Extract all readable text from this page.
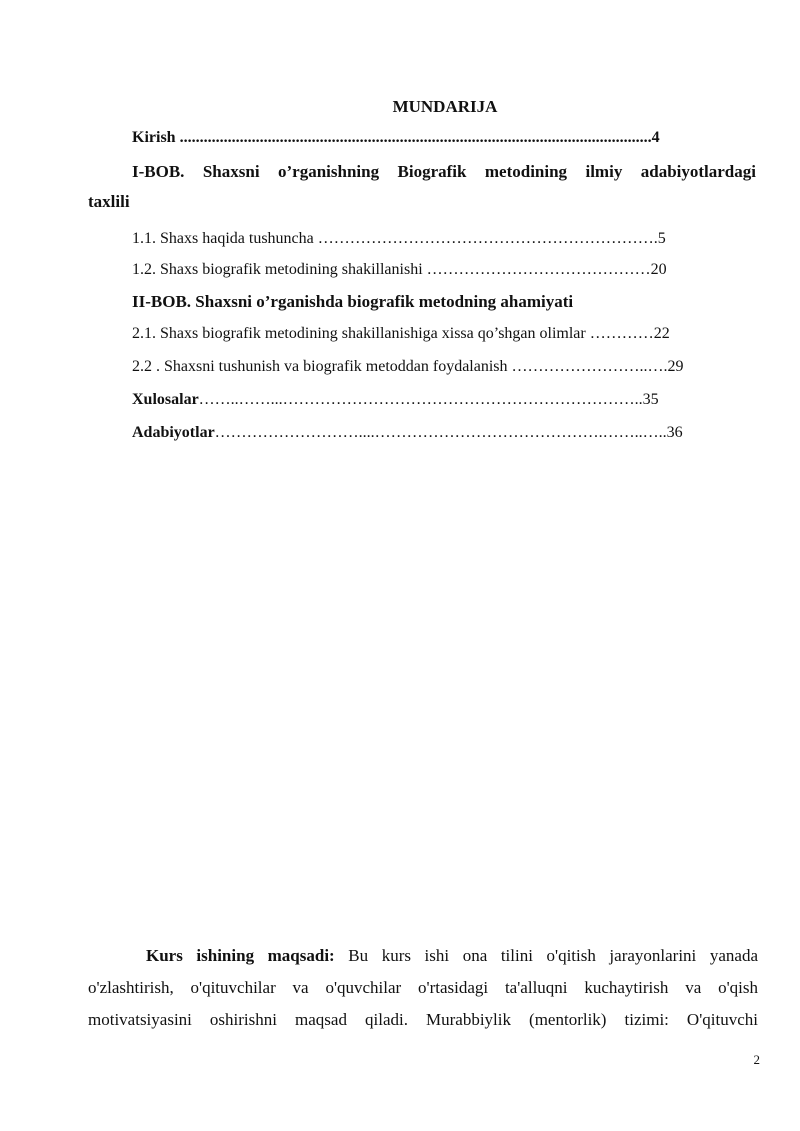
MUNDARIJA
Kirish ......................................................................................................................4
I-BOB. Shaxsni o’rganishning Biografik metodining ilmiy adabiyotlardagi
taxlili
1.1. Shaxs haqida tushuncha ……………………………………………………….5
1.2. Shaxs biografik metodining shakillanishi ……………………………………20
II-BOB. Shaxsni o’rganishda biografik metodning ahamiyati
2.1. Shaxs biografik metodining shakillanishiga xissa qo’shgan olimlar …………22
2.2 . Shaxsni tushunish va biografik metoddan foydalanish ……………………..….29
Xulosalar……..……...…………………………………………………………..35
Adabiyotlar………………………....…………………………………….……..…..36
Kurs ishining maqsadi: Bu kurs ishi ona tilini o'qitish jarayonlarini yanada
o'zlashtirish, o'qituvchilar va o'quvchilar o'rtasidagi ta'alluqni kuchaytirish va o'qish
motivatsiyasini oshirishni maqsad qiladi. Murabbiylik (mentorlik) tizimi: O'qituvchi
2
